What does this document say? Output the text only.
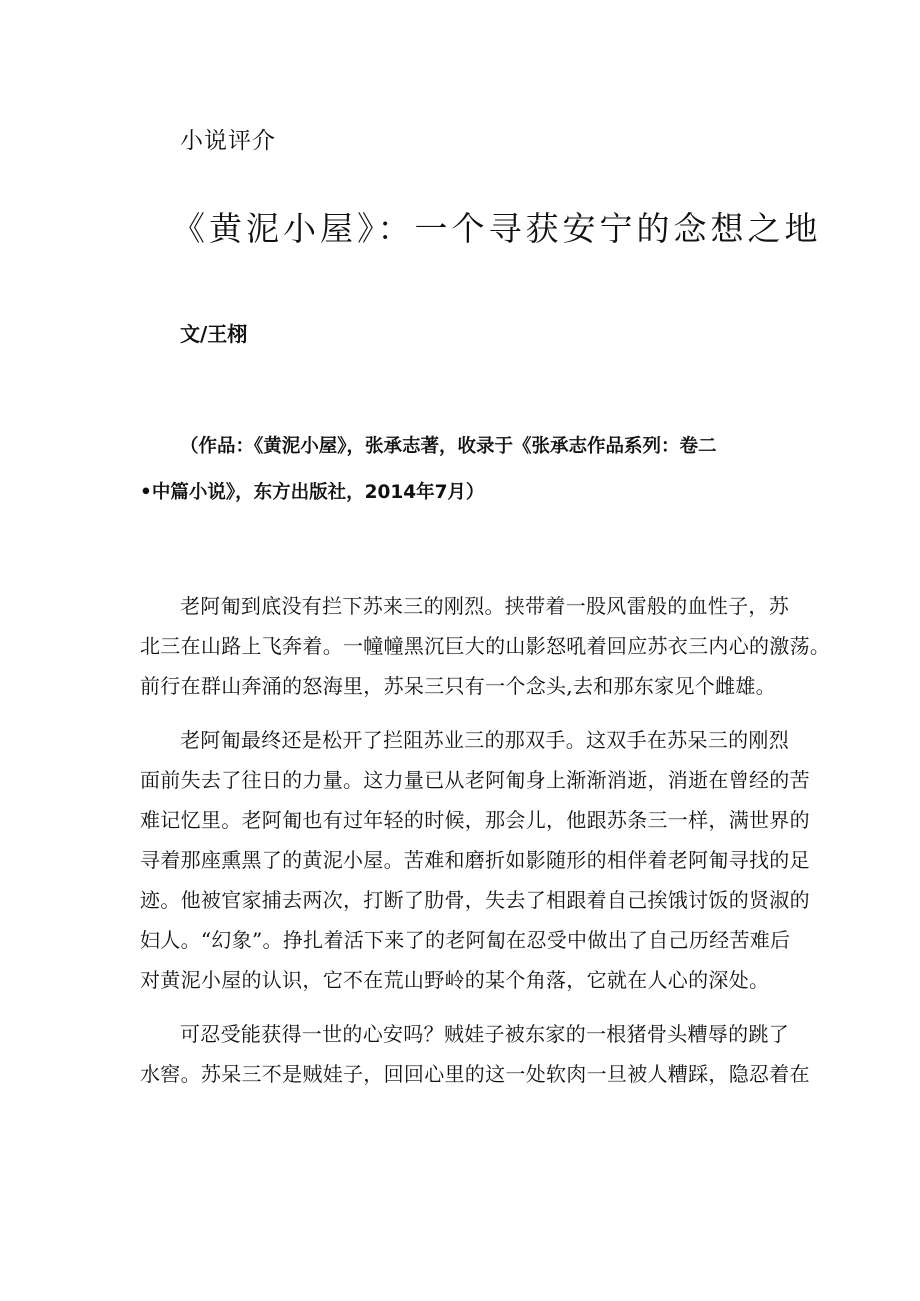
小说评介
《黄泥小屋》：一个寻获安宁的念想之地
文/王栩
（作品：《黄泥小屋》，张承志著，收录于《张承志作品系列：卷二
•中篇小说》，东方出版社，2014年7月）
老阿匍到底没有拦下苏来三的刚烈。挟带着一股风雷般的血性子，苏
北三在山路上飞奔着。一幢幢黑沉巨大的山影怒吼着回应苏衣三内心的激荡。
前行在群山奔涌的怒海里，苏呆三只有一个念头,去和那东家见个雌雄。
老阿匍最终还是松开了拦阻苏业三的那双手。这双手在苏呆三的刚烈
面前失去了往日的力量。这力量已从老阿匍身上渐渐消逝，消逝在曾经的苦
难记忆里。老阿匍也有过年轻的时候，那会儿，他跟苏条三一样，满世界的
寻着那座熏黑了的黄泥小屋。苦难和磨折如影随形的相伴着老阿匍寻找的足
迹。他被官家捕去两次，打断了肋骨，失去了相跟着自己挨饿讨饭的贤淑的
妇人。“幻象”。挣扎着活下来了的老阿匐在忍受中做出了自己历经苦难后
对黄泥小屋的认识，它不在荒山野岭的某个角落，它就在人心的深处。
可忍受能获得一世的心安吗？贼娃子被东家的一根猪骨头糟辱的跳了
水窖。苏呆三不是贼娃子，回回心里的这一处软肉一旦被人糟踩，隐忍着在
